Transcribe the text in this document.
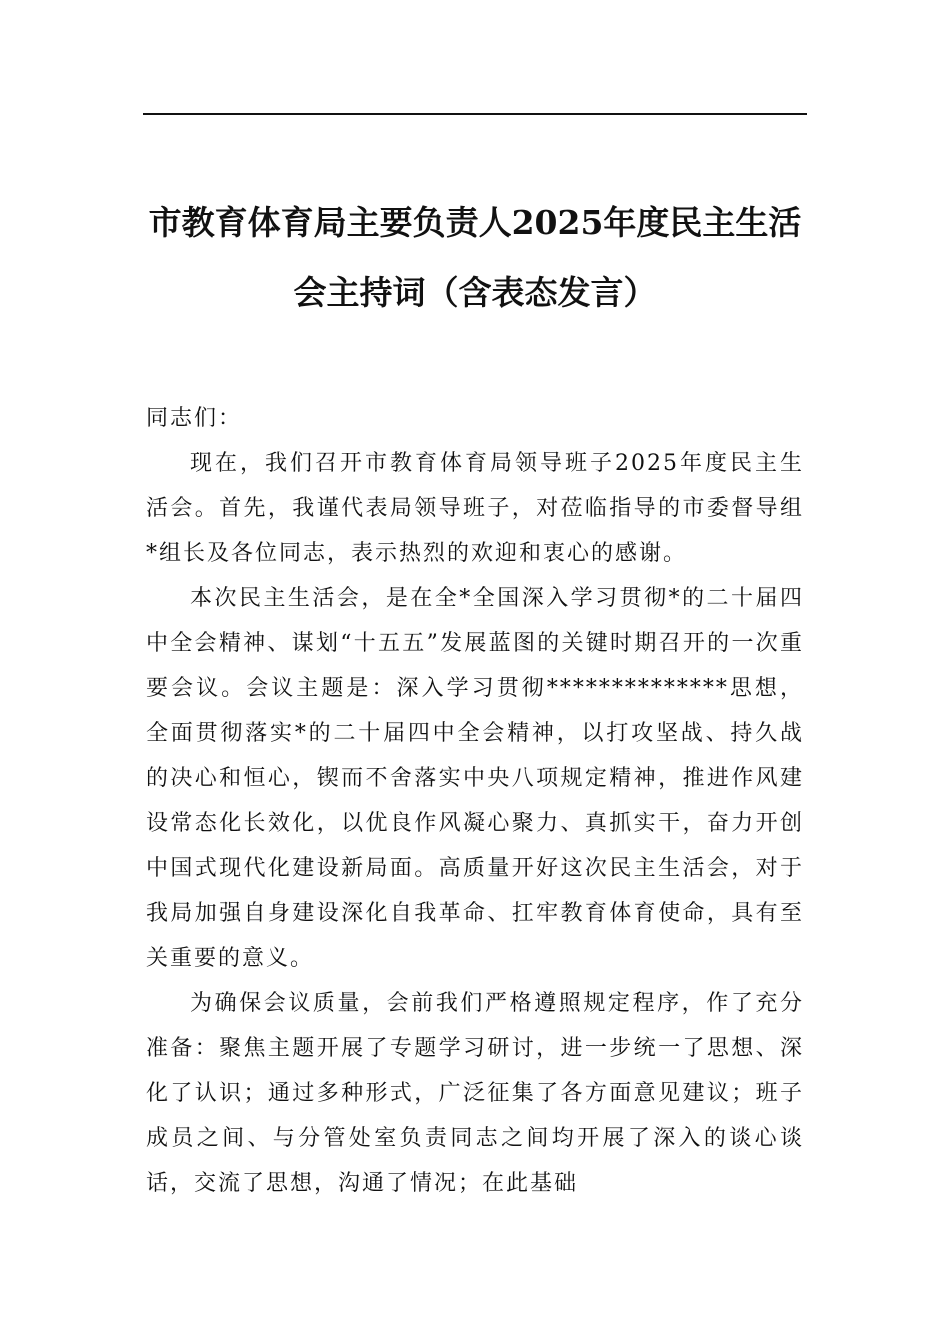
市教育体育局主要负责人2025年度民主生活会主持词（含表态发言）

同志们：

现在，我们召开市教育体育局领导班子2025年度民主生活会。首先，我谨代表局领导班子，对莅临指导的市委督导组*组长及各位同志，表示热烈的欢迎和衷心的感谢。

本次民主生活会，是在全*全国深入学习贯彻*的二十届四中全会精神、谋划“十五五”发展蓝图的关键时期召开的一次重要会议。会议主题是：深入学习贯彻**************思想，全面贯彻落实*的二十届四中全会精神，以打攻坚战、持久战的决心和恒心，锲而不舍落实中央八项规定精神，推进作风建设常态化长效化，以优良作风凝心聚力、真抓实干，奋力开创中国式现代化建设新局面。高质量开好这次民主生活会，对于我局加强自身建设深化自我革命、扛牢教育体育使命，具有至关重要的意义。

为确保会议质量，会前我们严格遵照规定程序，作了充分准备：聚焦主题开展了专题学习研讨，进一步统一了思想、深化了认识；通过多种形式，广泛征集了各方面意见建议；班子成员之间、与分管处室负责同志之间均开展了深入的谈心谈话，交流了思想，沟通了情况；在此基础
